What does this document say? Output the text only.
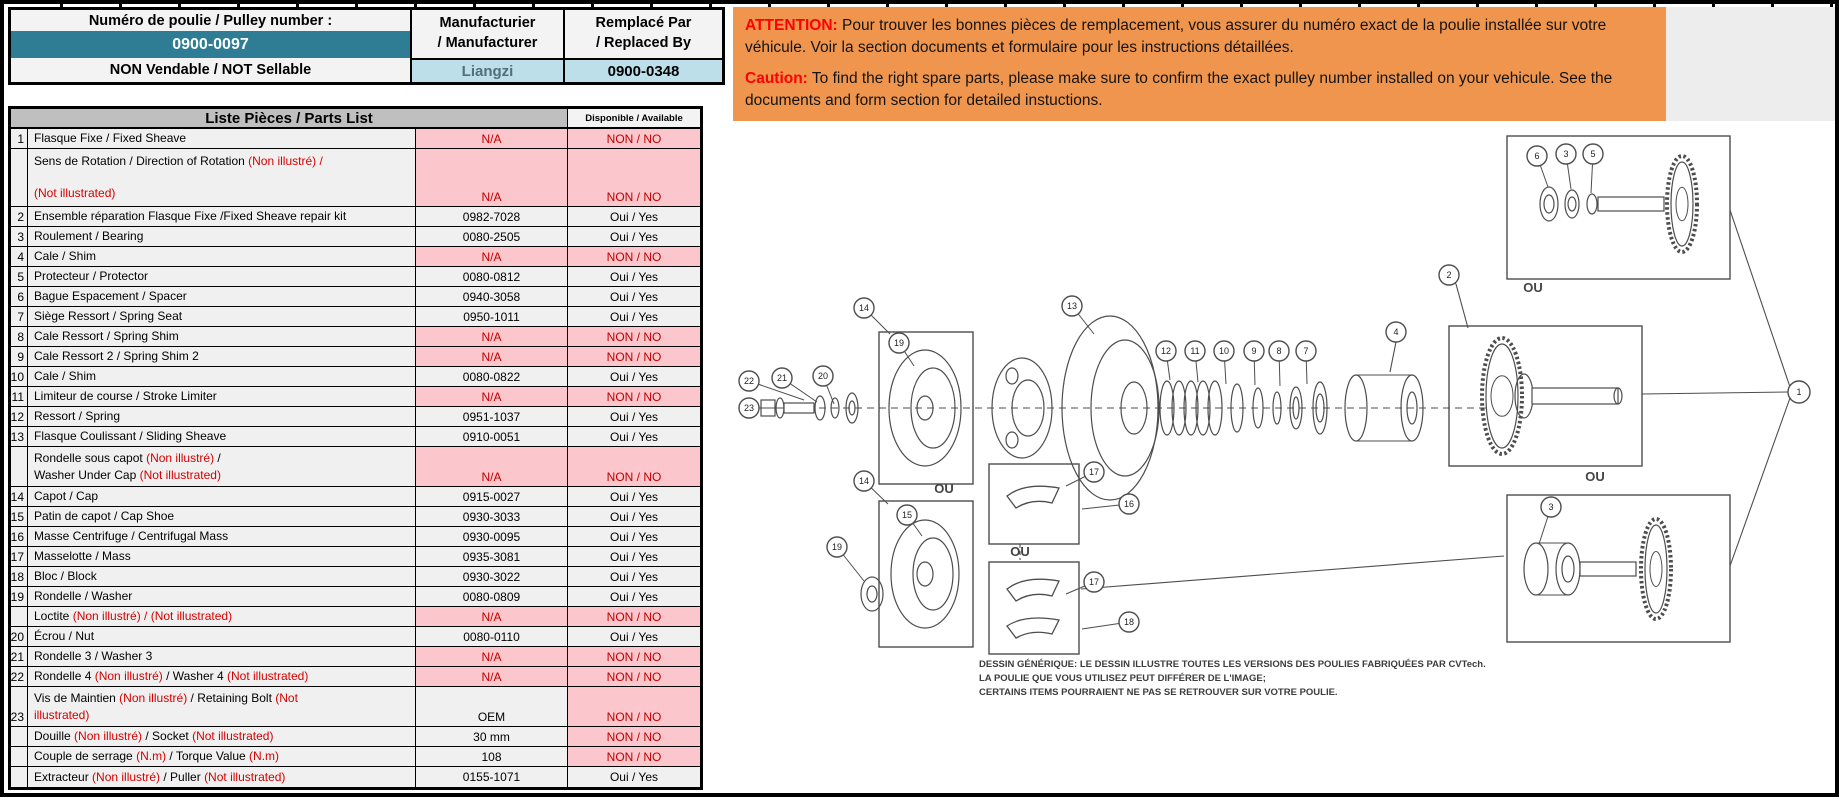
Numéro de poulie / Pulley number :
0900-0097
NON Vendable / NOT Sellable
Manufacturier
/ Manufacturer
Liangzi
Remplacé Par
/ Replaced By
0900-0348

ATTENTION: Pour trouver les bonnes pièces de remplacement, vous assurer du numéro exact de la poulie installée sur votre véhicule. Voir la section documents et formulaire pour les instructions détaillées.

Caution: To find the right spare parts, please make sure to confirm the exact pulley number installed on your vehicule. See the documents and form section for detailed instuctions.

Liste Pièces / Parts List	Disponible / Available
1 Flasque Fixe / Fixed Sheave	N/A	NON / NO
Sens de Rotation / Direction of Rotation (Non illustré) /
(Not illustrated)	N/A	NON / NO
2 Ensemble réparation Flasque Fixe /Fixed Sheave repair kit	0982-7028	Oui / Yes
3 Roulement / Bearing	0080-2505	Oui / Yes
4 Cale / Shim	N/A	NON / NO
5 Protecteur / Protector	0080-0812	Oui / Yes
6 Bague Espacement / Spacer	0940-3058	Oui / Yes
7 Siège Ressort / Spring Seat	0950-1011	Oui / Yes
8 Cale Ressort / Spring Shim	N/A	NON / NO
9 Cale Ressort 2 / Spring Shim 2	N/A	NON / NO
10 Cale / Shim	0080-0822	Oui / Yes
11 Limiteur de course / Stroke Limiter	N/A	NON / NO
12 Ressort / Spring	0951-1037	Oui / Yes
13 Flasque Coulissant / Sliding Sheave	0910-0051	Oui / Yes
Rondelle sous capot (Non illustré) /
Washer Under Cap (Not illustrated)	N/A	NON / NO
14 Capot / Cap	0915-0027	Oui / Yes
15 Patin de capot / Cap Shoe	0930-3033	Oui / Yes
16 Masse Centrifuge / Centrifugal Mass	0930-0095	Oui / Yes
17 Masselotte / Mass	0935-3081	Oui / Yes
18 Bloc / Block	0930-3022	Oui / Yes
19 Rondelle / Washer	0080-0809	Oui / Yes
Loctite (Non illustré) / (Not illustrated)	N/A	NON / NO
20 Écrou / Nut	0080-0110	Oui / Yes
21 Rondelle 3 / Washer 3	N/A	NON / NO
22 Rondelle 4 (Non illustré) / Washer 4 (Not illustrated)	N/A	NON / NO
23
Vis de Maintien (Non illustré) / Retaining Bolt (Not
illustrated)	OEM	NON / NO
Douille (Non illustré) / Socket (Not illustrated)	30 mm	NON / NO
Couple de serrage (N.m) / Torque Value (N.m)	108	NON / NO
Extracteur (Non illustré) / Puller (Not illustrated)	0155-1071	Oui / Yes
22	21	20
23
14
19
13
12 11 10 9 8 7
2
4
6	3 5
1
3
14
15
19
17
16
17
18
OU
OU
OU
OU
DESSIN GÉNÉRIQUE: LE DESSIN ILLUSTRE TOUTES LES VERSIONS DES POULIES FABRIQUÉES PAR CVTech.
LA POULIE QUE VOUS UTILISEZ PEUT DIFFÉRER DE L'IMAGE;
CERTAINS ITEMS POURRAIENT NE PAS SE RETROUVER SUR VOTRE POULIE.
